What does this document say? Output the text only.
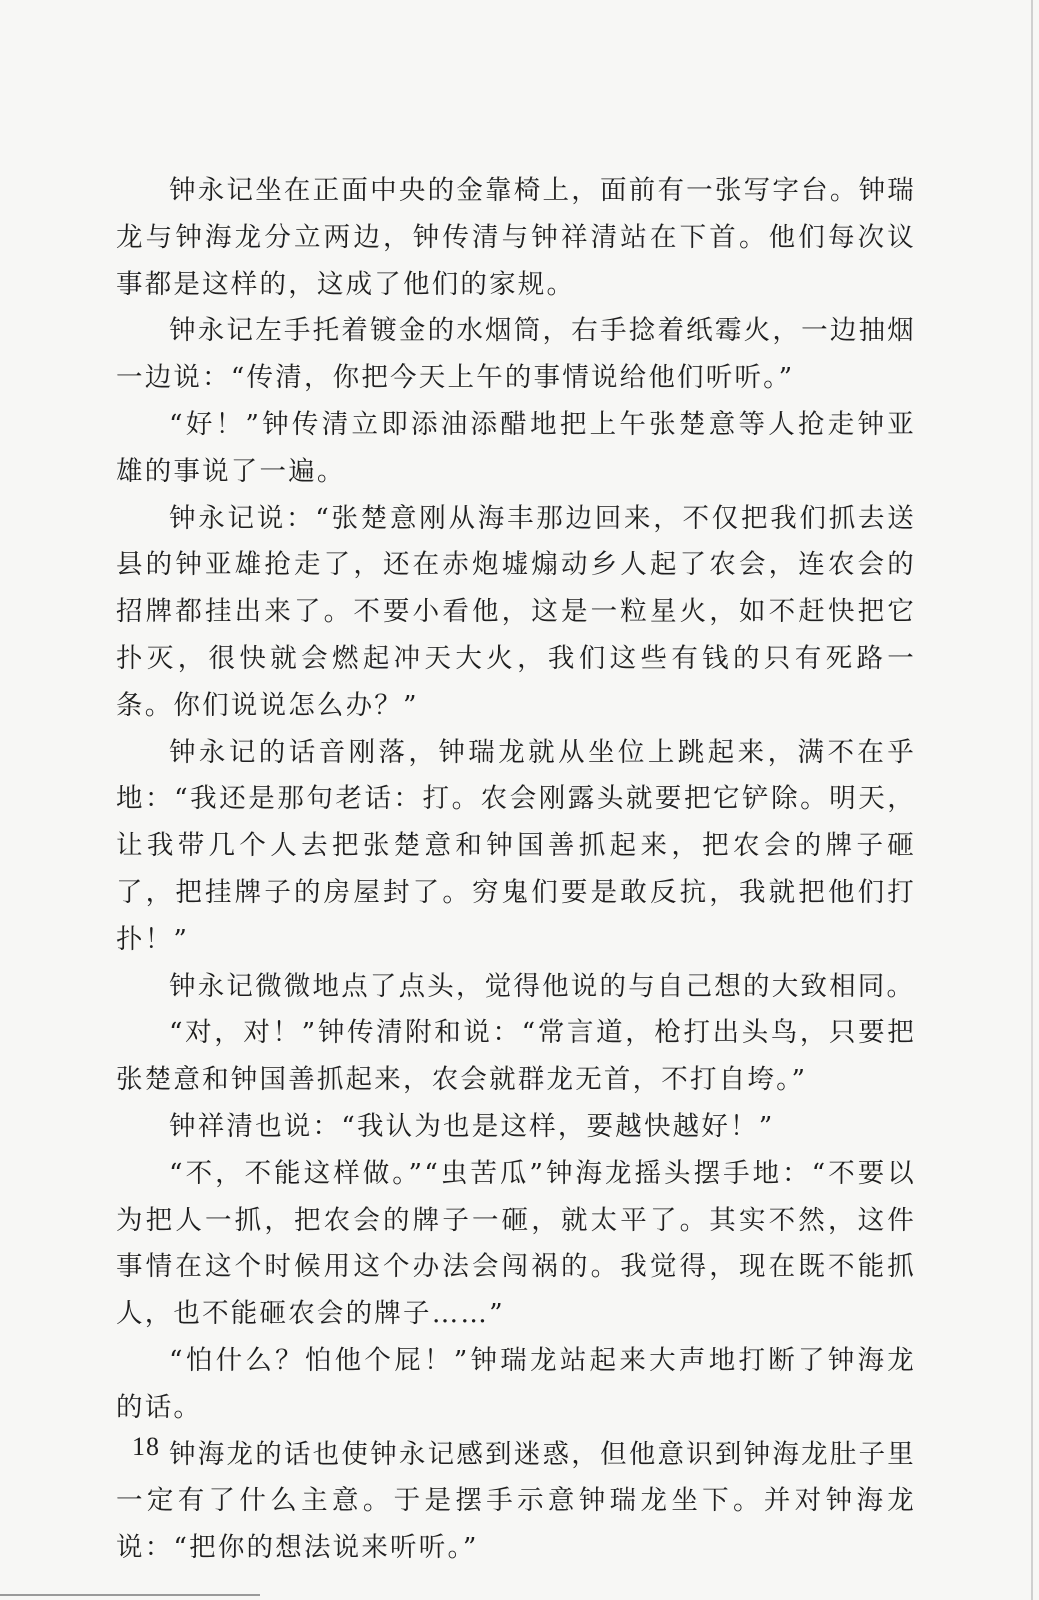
钟永记坐在正面中央的金靠椅上，面前有一张写字台。钟瑞龙与钟海龙分立两边，钟传清与钟祥清站在下首。他们每次议事都是这样的，这成了他们的家规。

钟永记左手托着镀金的水烟筒，右手捻着纸霉火，一边抽烟一边说：“传清，你把今天上午的事情说给他们听听。”

“好！”钟传清立即添油添醋地把上午张楚意等人抢走钟亚雄的事说了一遍。

钟永记说：“张楚意刚从海丰那边回来，不仅把我们抓去送县的钟亚雄抢走了，还在赤炮墟煽动乡人起了农会，连农会的招牌都挂出来了。不要小看他，这是一粒星火，如不赶快把它扑灭，很快就会燃起冲天大火，我们这些有钱的只有死路一条。你们说说怎么办？”

钟永记的话音刚落，钟瑞龙就从坐位上跳起来，满不在乎地：“我还是那句老话：打。农会刚露头就要把它铲除。明天，让我带几个人去把张楚意和钟国善抓起来，把农会的牌子砸了，把挂牌子的房屋封了。穷鬼们要是敢反抗，我就把他们打扑！”

钟永记微微地点了点头，觉得他说的与自己想的大致相同。

“对，对！”钟传清附和说：“常言道，枪打出头鸟，只要把张楚意和钟国善抓起来，农会就群龙无首，不打自垮。”

钟祥清也说：“我认为也是这样，要越快越好！”

“不，不能这样做。”“虫苦瓜”钟海龙摇头摆手地：“不要以为把人一抓，把农会的牌子一砸，就太平了。其实不然，这件事情在这个时候用这个办法会闯祸的。我觉得，现在既不能抓人，也不能砸农会的牌子……”

“怕什么？怕他个屁！”钟瑞龙站起来大声地打断了钟海龙的话。

钟海龙的话也使钟永记感到迷惑，但他意识到钟海龙肚子里一定有了什么主意。于是摆手示意钟瑞龙坐下。并对钟海龙说：“把你的想法说来听听。”

18
